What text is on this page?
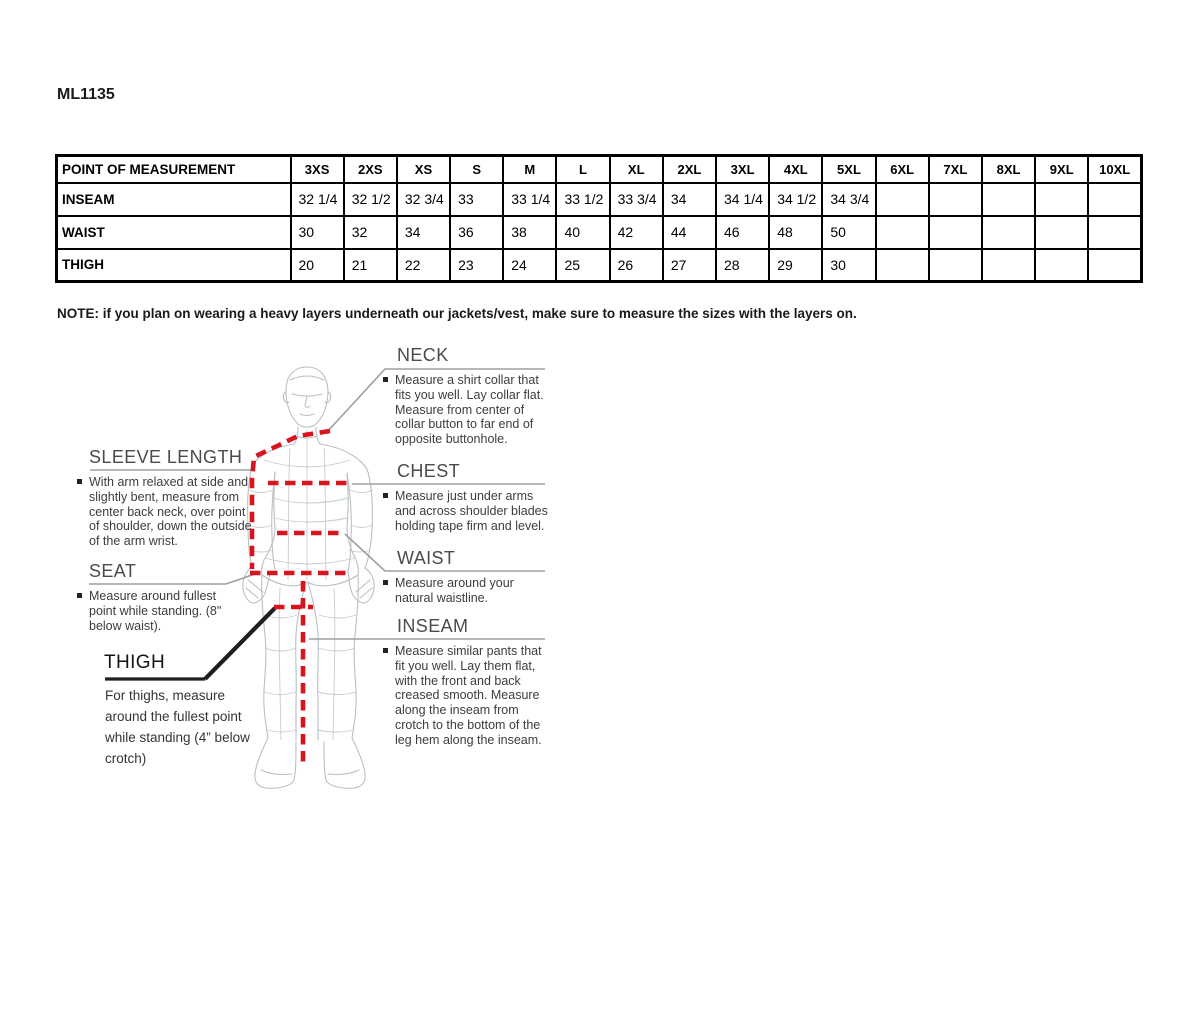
ML1135
POINT OF MEASUREMENT	3XS	2XS	XS	S	M	L	XL	2XL	3XL	4XL	5XL	6XL	7XL	8XL	9XL	10XL
INSEAM	32 1/4	32 1/2	32 3/4	33	33 1/4	33 1/2	33 3/4	34	34 1/4	34 1/2	34 3/4					
WAIST	30	32	34	36	38	40	42	44	46	48	50					
THIGH	20	21	22	23	24	25	26	27	28	29	30					
NOTE: if you plan on wearing a heavy layers underneath our jackets/vest, make sure to measure the sizes with the layers on.
NECK

Measure a shirt collar that fits you well. Lay collar flat. Measure from center of collar button to far end of opposite buttonhole.

CHEST

Measure just under arms and across shoulder blades holding tape firm and level.

WAIST

Measure around your natural waistline.

INSEAM

Measure similar pants that fit you well. Lay them flat, with the front and back creased smooth. Measure along the inseam from crotch to the bottom of the leg hem along the inseam.

SLEEVE LENGTH

With arm relaxed at side and slightly bent, measure from center back neck, over point of shoulder, down the outside of the arm wrist.

SEAT

Measure around fullest point while standing. (8" below waist).

THIGH
For thighs, measure around the fullest point while standing (4” below crotch)
